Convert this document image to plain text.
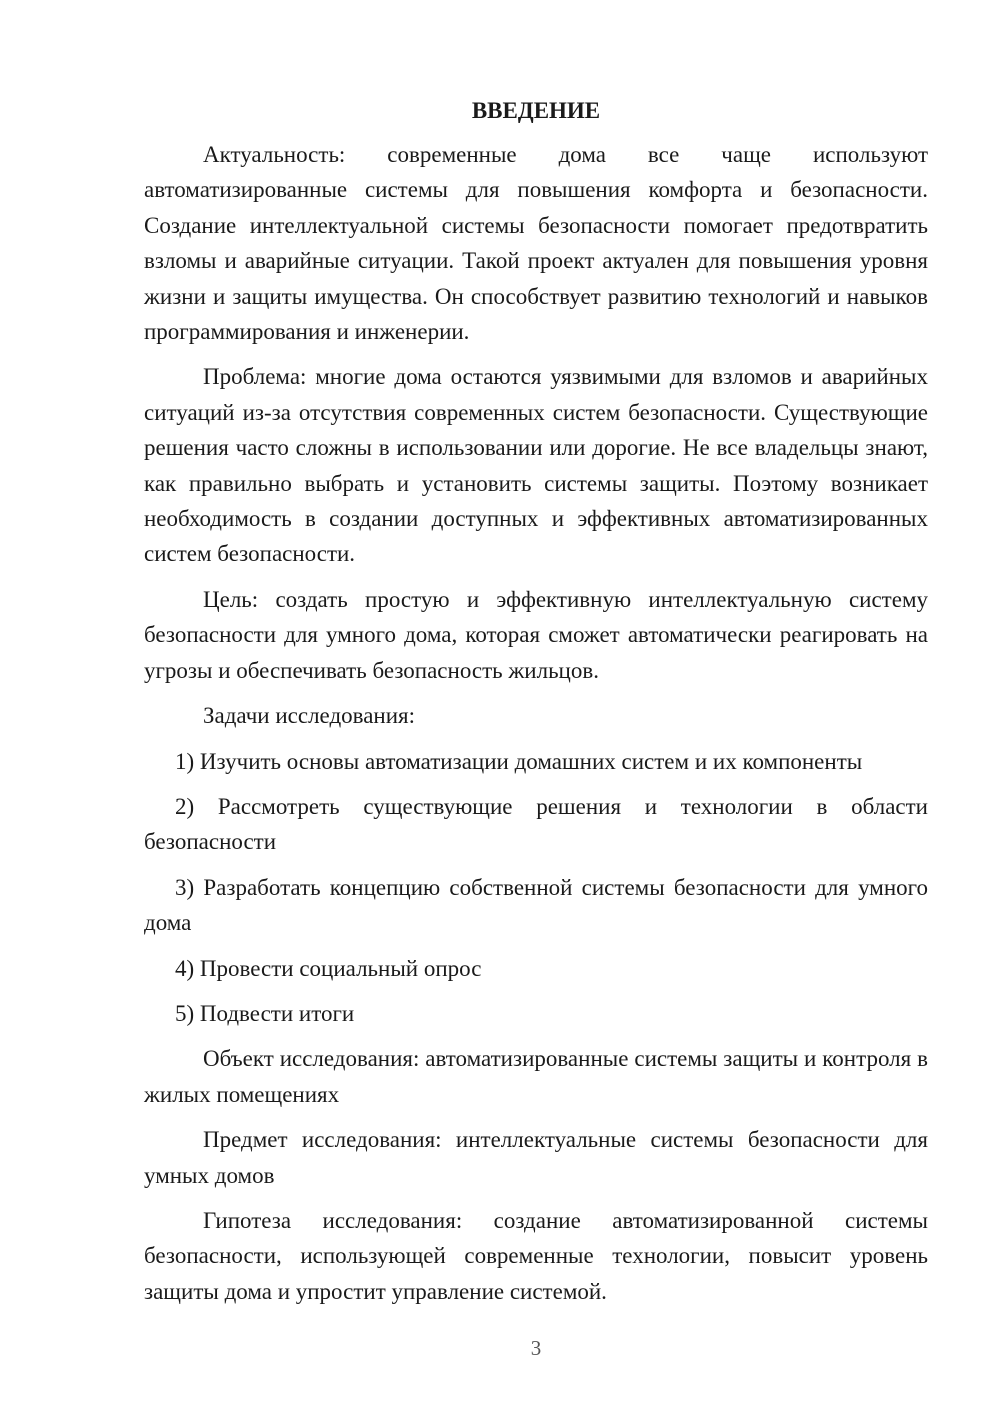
ВВЕДЕНИЕ

Актуальность: современные дома все чаще используют автоматизированные системы для повышения комфорта и безопасности. Создание интеллектуальной системы безопасности помогает предотвратить взломы и аварийные ситуации. Такой проект актуален для повышения уровня жизни и защиты имущества. Он способствует развитию технологий и навыков программирования и инженерии.

Проблема: многие дома остаются уязвимыми для взломов и аварийных ситуаций из-за отсутствия современных систем безопасности. Существующие решения часто сложны в использовании или дорогие. Не все владельцы знают, как правильно выбрать и установить системы защиты. Поэтому возникает необходимость в создании доступных и эффективных автоматизированных систем безопасности.

Цель: создать простую и эффективную интеллектуальную систему безопасности для умного дома, которая сможет автоматически реагировать на угрозы и обеспечивать безопасность жильцов.

Задачи исследования:

1) Изучить основы автоматизации домашних систем и их компоненты

2) Рассмотреть существующие решения и технологии в области безопасности

3) Разработать концепцию собственной системы безопасности для умного дома

4) Провести социальный опрос

5) Подвести итоги

Объект исследования: автоматизированные системы защиты и контроля в жилых помещениях

Предмет исследования: интеллектуальные системы безопасности для умных домов

Гипотеза исследования: создание автоматизированной системы безопасности, использующей современные технологии, повысит уровень защиты дома и упростит управление системой.

3
